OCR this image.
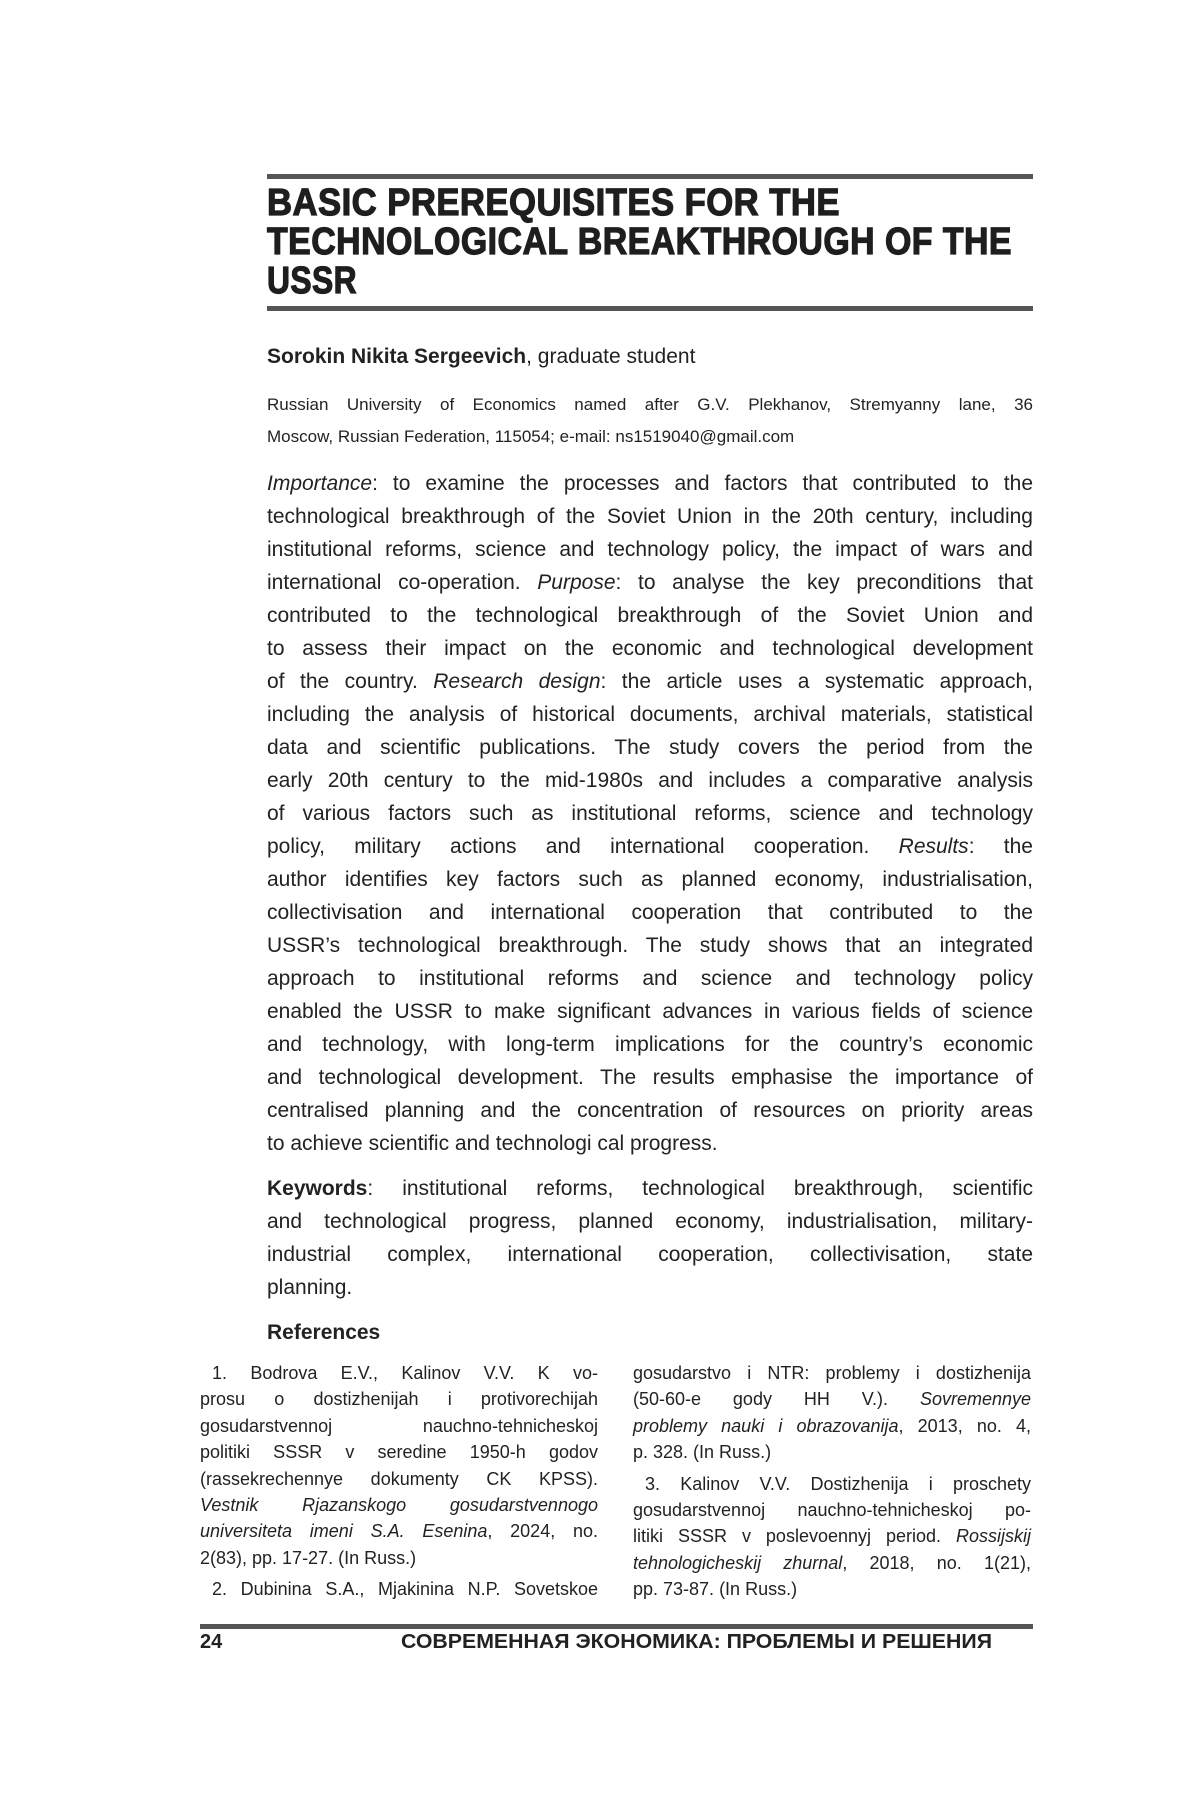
BASIC PREREQUISITES FOR THE
TECHNOLOGICAL BREAKTHROUGH OF THE
USSR
Sorokin Nikita Sergeevich, graduate student
Russian University of Economics named after G.V. Plekhanov, Stremyanny lane, 36
Moscow, Russian Federation, 115054; e-mail: ns1519040@gmail.com
Importance: to examine the processes and factors that contributed to the
technological breakthrough of the Soviet Union in the 20th century, including
institutional reforms, science and technology policy, the impact of wars and
international co-operation. Purpose: to analyse the key preconditions that
contributed to the technological breakthrough of the Soviet Union and
to assess their impact on the economic and technological development
of the country. Research design: the article uses a systematic approach,
including the analysis of historical documents, archival materials, statistical
data and scientific publications. The study covers the period from the
early 20th century to the mid-1980s and includes a comparative analysis
of various factors such as institutional reforms, science and technology
policy, military actions and international cooperation. Results: the
author identifies key factors such as planned economy, industrialisation,
collectivisation and international cooperation that contributed to the
USSR’s technological breakthrough. The study shows that an integrated
approach to institutional reforms and science and technology policy
enabled the USSR to make significant advances in various fields of science
and technology, with long-term implications for the country’s economic
and technological development. The results emphasise the importance of
centralised planning and the concentration of resources on priority areas
to achieve scientific and technologi cal progress.
Keywords: institutional reforms, technological breakthrough, scientific
and technological progress, planned economy, industrialisation, military-
industrial complex, international cooperation, collectivisation, state
planning.
References
1. Bodrova E.V., Kalinov V.V. K vo-
prosu o dostizhenijah i protivorechijah
gosudarstvennoj nauchno-tehnicheskoj
politiki SSSR v seredine 1950-h godov
(rassekrechennye dokumenty CK KPSS).
Vestnik Rjazanskogo gosudarstvennogo
universiteta imeni S.A. Esenina, 2024, no.
2(83), pp. 17-27. (In Russ.)
2. Dubinina S.A., Mjakinina N.P. Sovetskoe
gosudarstvo i NTR: problemy i dostizhenija
(50-60-e gody HH V.). Sovremennye
problemy nauki i obrazovanija, 2013, no. 4,
p. 328. (In Russ.)
3. Kalinov V.V. Dostizhenija i proschety
gosudarstvennoj nauchno-tehnicheskoj po-
litiki SSSR v poslevoennyj period. Rossijskij
tehnologicheskij zhurnal, 2018, no. 1(21),
pp. 73-87. (In Russ.)
24	СОВРЕМЕННАЯ ЭКОНОМИКА: ПРОБЛЕМЫ И РЕШЕНИЯ
